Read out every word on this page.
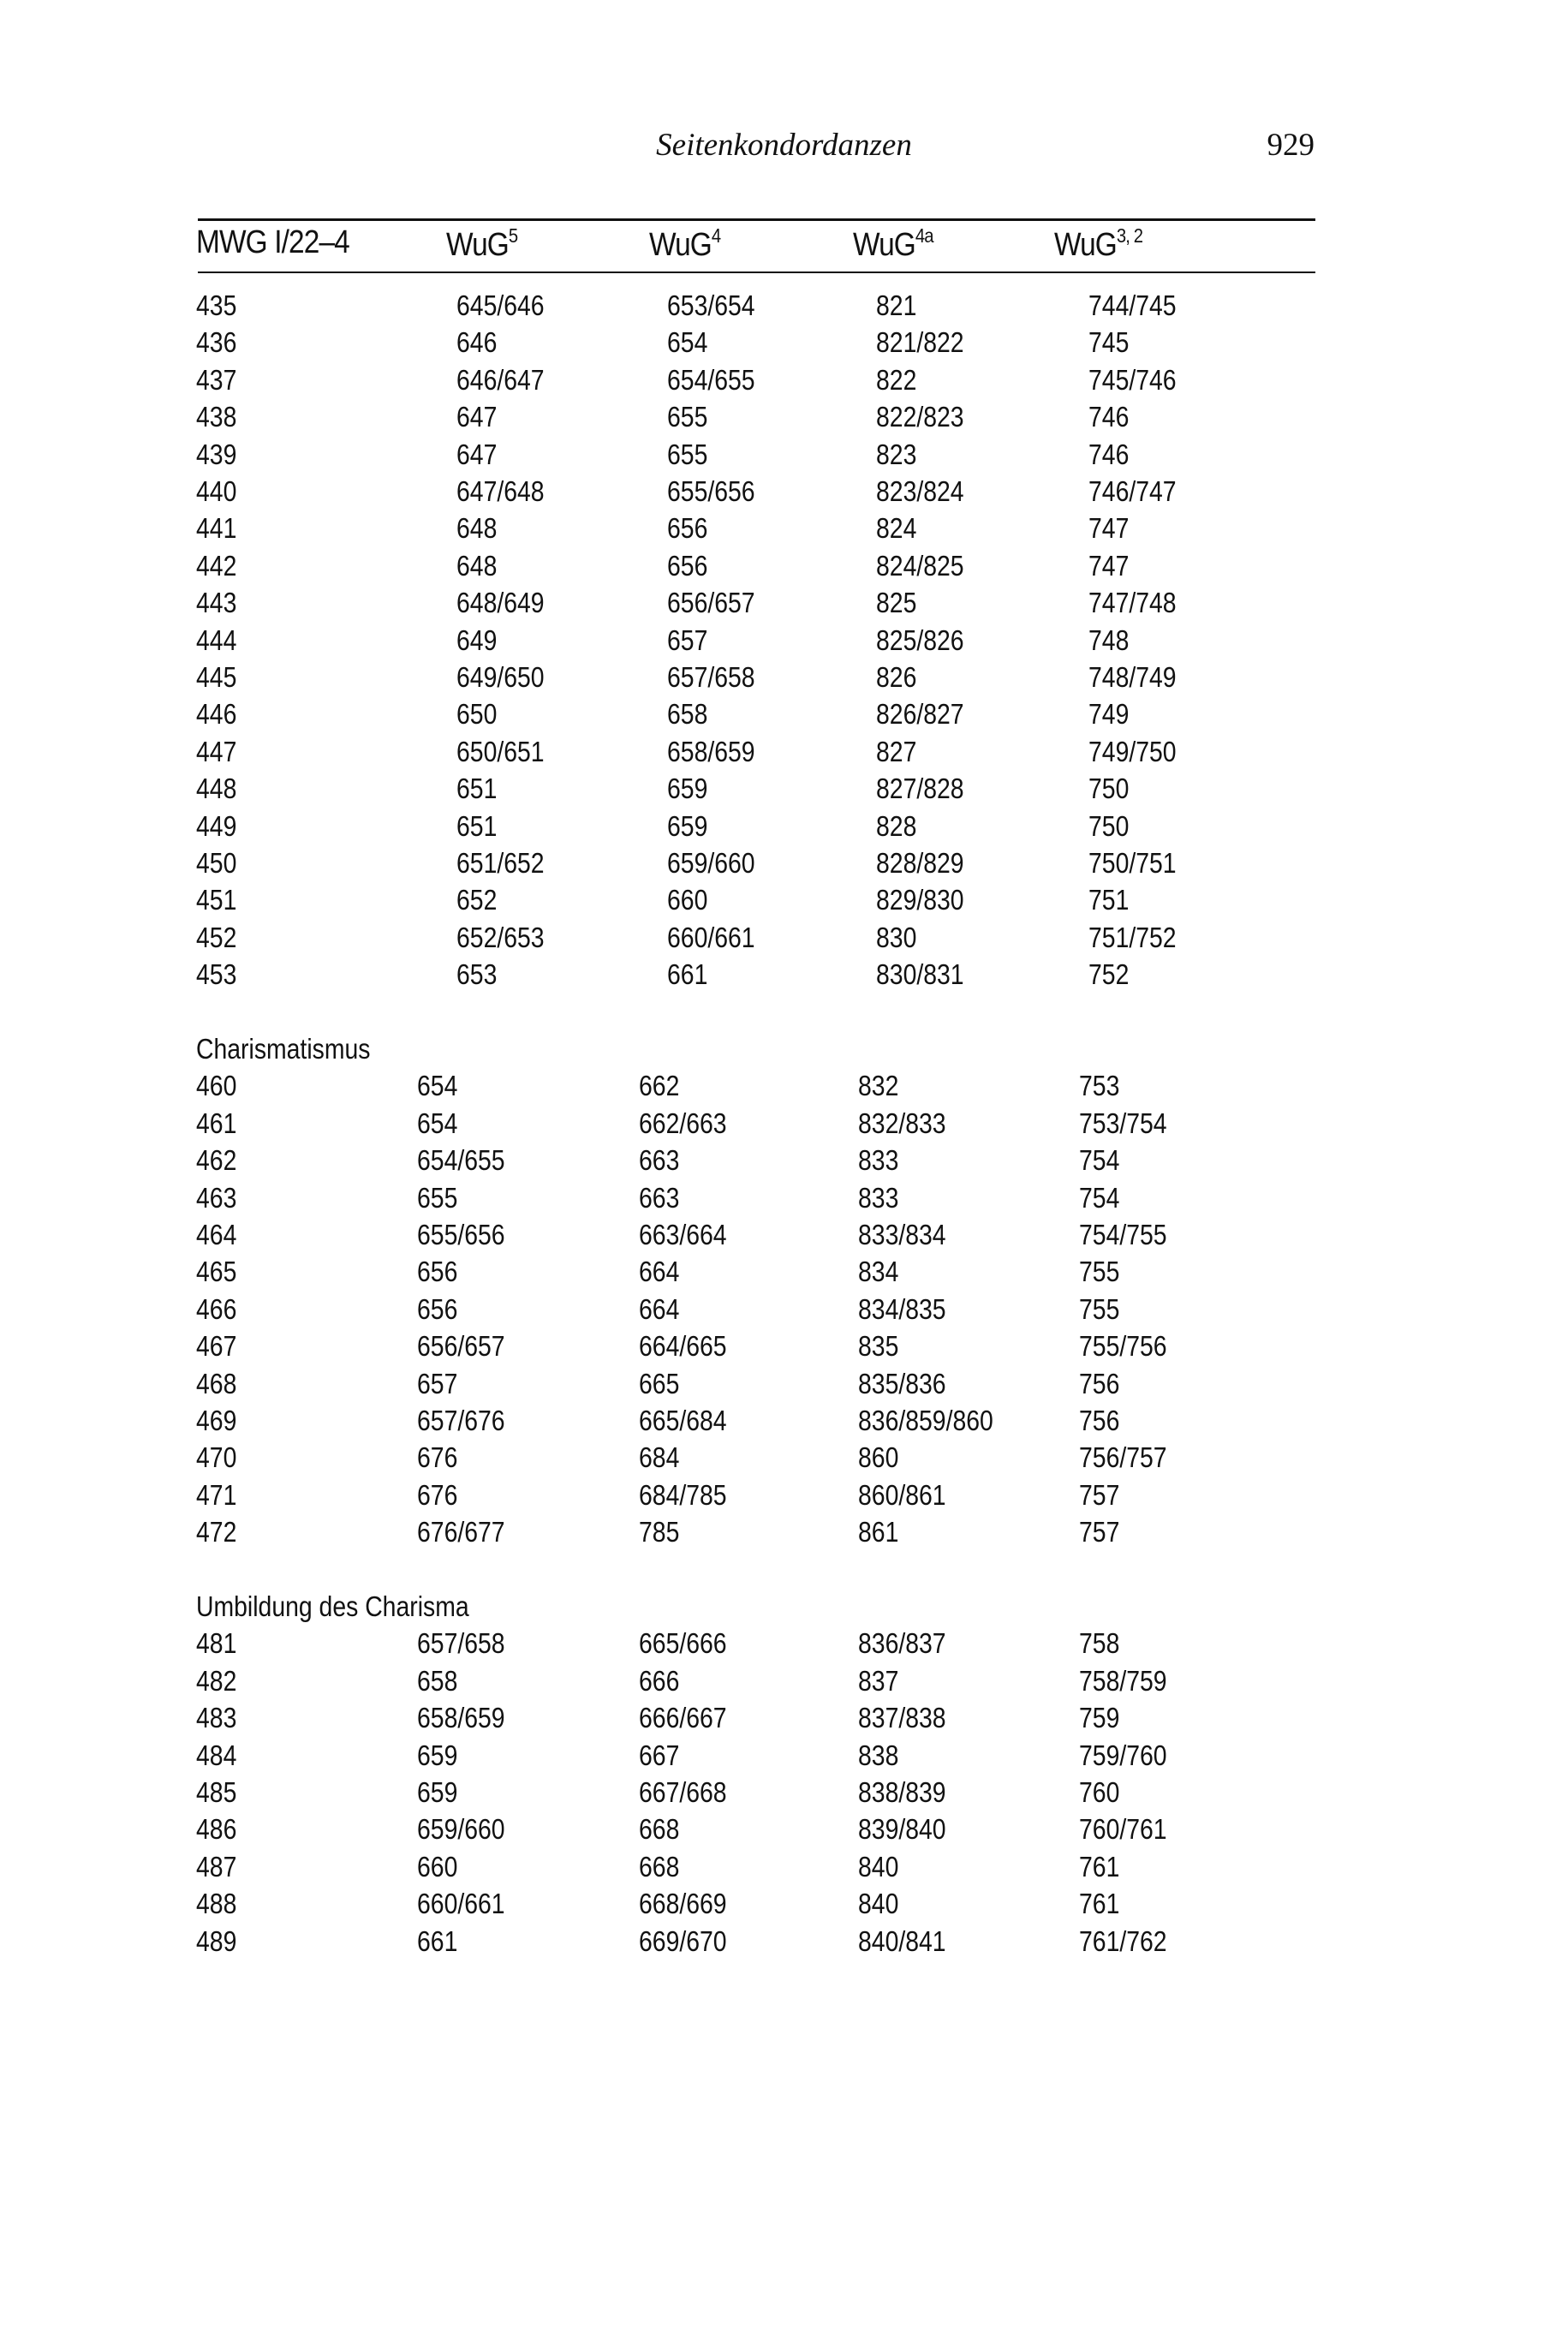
Seitenkondordanzen	929
MWG I/22–4	WuG$^5$	WuG$^4$	WuG$^{4a}$	WuG$^{3, 2}$
435	645/646	653/654	821	744/745
436	646	654	821/822	745
437	646/647	654/655	822	745/746
438	647	655	822/823	746
439	647	655	823	746
440	647/648	655/656	823/824	746/747
441	648	656	824	747
442	648	656	824/825	747
443	648/649	656/657	825	747/748
444	649	657	825/826	748
445	649/650	657/658	826	748/749
446	650	658	826/827	749
447	650/651	658/659	827	749/750
448	651	659	827/828	750
449	651	659	828	750
450	651/652	659/660	828/829	750/751
451	652	660	829/830	751
452	652/653	660/661	830	751/752
453	653	661	830/831	752
Charismatismus
460	654	662	832	753
461	654	662/663	832/833	753/754
462	654/655	663	833	754
463	655	663	833	754
464	655/656	663/664	833/834	754/755
465	656	664	834	755
466	656	664	834/835	755
467	656/657	664/665	835	755/756
468	657	665	835/836	756
469	657/676	665/684	836/859/860	756
470	676	684	860	756/757
471	676	684/785	860/861	757
472	676/677	785	861	757
Umbildung des Charisma
481	657/658	665/666	836/837	758
482	658	666	837	758/759
483	658/659	666/667	837/838	759
484	659	667	838	759/760
485	659	667/668	838/839	760
486	659/660	668	839/840	760/761
487	660	668	840	761
488	660/661	668/669	840	761
489	661	669/670	840/841	761/762
